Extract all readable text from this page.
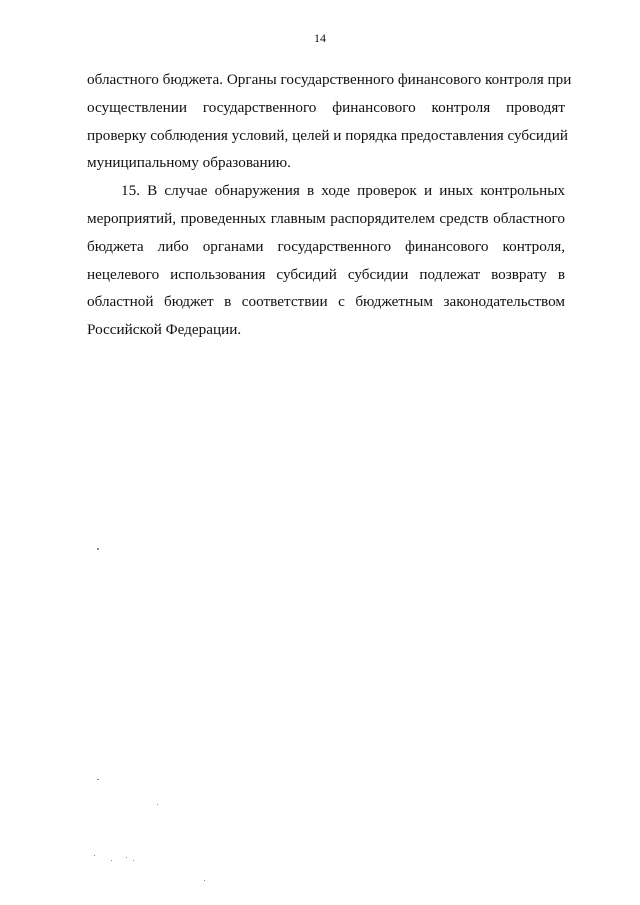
14
областного бюджета. Органы государственного финансового контроля при
осуществлении государственного финансового контроля проводят
проверку соблюдения условий, целей и порядка предоставления субсидий
муниципальному образованию.
15. В случае обнаружения в ходе проверок и иных контрольных
мероприятий, проведенных главным распорядителем средств областного
бюджета либо органами государственного финансового контроля,
нецелевого использования субсидий субсидии подлежат возврату в
областной бюджет в соответствии с бюджетным законодательством
Российской Федерации.
